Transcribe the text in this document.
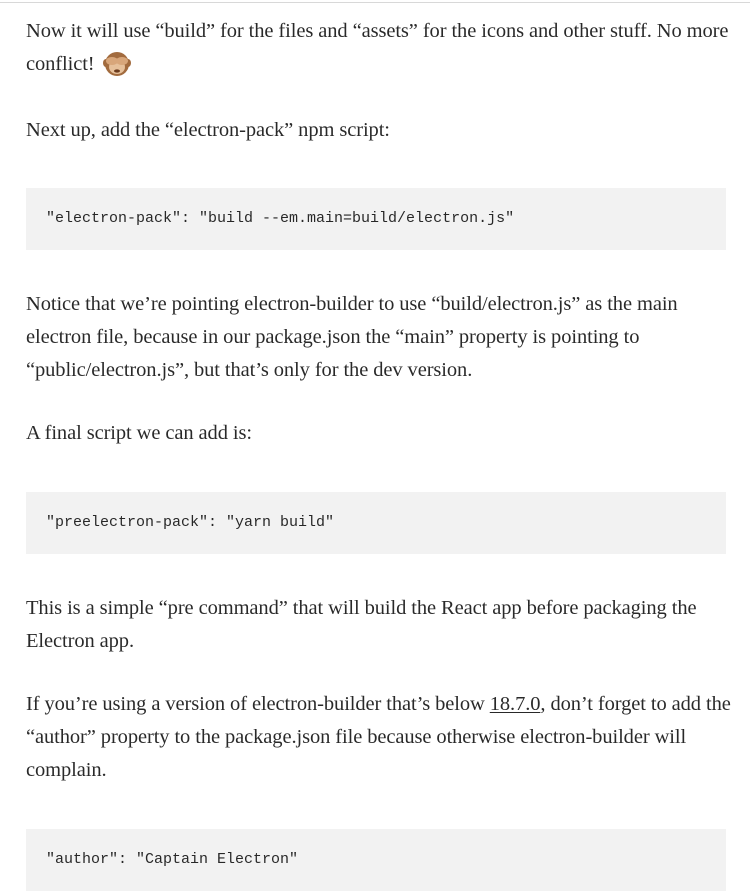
Now it will use “build” for the files and “assets” for the icons and other stuff. No more conflict!

Next up, add the “electron-pack” npm script:

"electron-pack": "build --em.main=build/electron.js"

Notice that we’re pointing electron-builder to use “build/electron.js” as the main electron file, because in our package.json the “main” property is pointing to “public/electron.js”, but that’s only for the dev version.

A final script we can add is:

"preelectron-pack": "yarn build"

This is a simple “pre command” that will build the React app before packaging the Electron app.

If you’re using a version of electron-builder that’s below 18.7.0, don’t forget to add the “author” property to the package.json file because otherwise electron-builder will complain.

"author": "Captain Electron"
